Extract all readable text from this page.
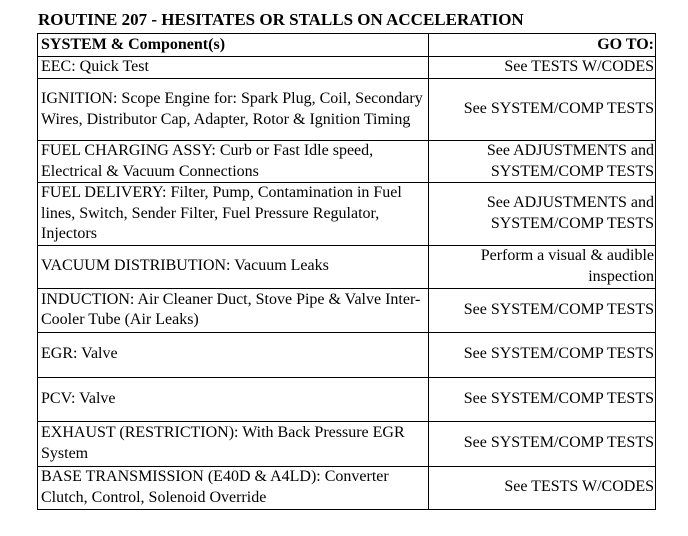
ROUTINE 207 - HESITATES OR STALLS ON ACCELERATION
SYSTEM & Component(s)	GO TO:
EEC: Quick Test	See TESTS W/CODES
IGNITION: Scope Engine for: Spark Plug, Coil, Secondary Wires, Distributor Cap, Adapter, Rotor & Ignition Timing	See SYSTEM/COMP TESTS
FUEL CHARGING ASSY: Curb or Fast Idle speed, Electrical & Vacuum Connections	See ADJUSTMENTS and SYSTEM/COMP TESTS
FUEL DELIVERY: Filter, Pump, Contamination in Fuel lines, Switch, Sender Filter, Fuel Pressure Regulator, Injectors	See ADJUSTMENTS and SYSTEM/COMP TESTS
VACUUM DISTRIBUTION: Vacuum Leaks	Perform a visual & audible inspection
INDUCTION: Air Cleaner Duct, Stove Pipe & Valve Inter-Cooler Tube (Air Leaks)	See SYSTEM/COMP TESTS
EGR: Valve	See SYSTEM/COMP TESTS
PCV: Valve	See SYSTEM/COMP TESTS
EXHAUST (RESTRICTION): With Back Pressure EGR System	See SYSTEM/COMP TESTS
BASE TRANSMISSION (E40D & A4LD): Converter Clutch, Control, Solenoid Override	See TESTS W/CODES
